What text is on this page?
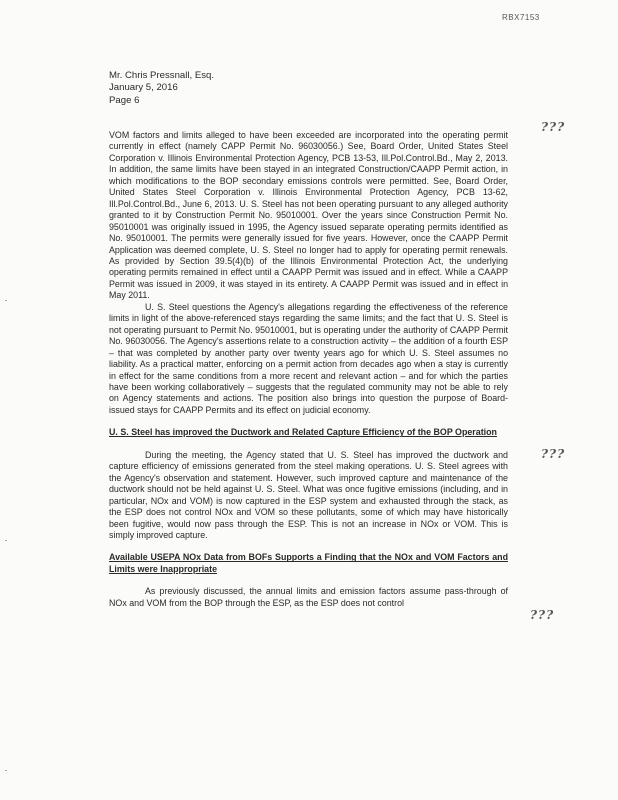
RBX7153
Mr. Chris Pressnall, Esq.
January 5, 2016
Page 6
???
???
???

VOM factors and limits alleged to have been exceeded are incorporated into the operating permit currently in effect (namely CAPP Permit No. 96030056.) See, Board Order, United States Steel Corporation v. Illinois Environmental Protection Agency, PCB 13-53, Ill.Pol.Control.Bd., May 2, 2013. In addition, the same limits have been stayed in an integrated Construction/CAAPP Permit action, in which modifications to the BOP secondary emissions controls were permitted. See, Board Order, United States Steel Corporation v. Illinois Environmental Protection Agency, PCB 13-62, Ill.Pol.Control.Bd., June 6, 2013. U. S. Steel has not been operating pursuant to any alleged authority granted to it by Construction Permit No. 95010001. Over the years since Construction Permit No. 95010001 was originally issued in 1995, the Agency issued separate operating permits identified as No. 95010001. The permits were generally issued for five years. However, once the CAAPP Permit Application was deemed complete, U. S. Steel no longer had to apply for operating permit renewals. As provided by Section 39.5(4)(b) of the Illinois Environmental Protection Act, the underlying operating permits remained in effect until a CAAPP Permit was issued and in effect. While a CAAPP Permit was issued in 2009, it was stayed in its entirety. A CAAPP Permit was issued and in effect in May 2011.

U. S. Steel questions the Agency's allegations regarding the effectiveness of the reference limits in light of the above-referenced stays regarding the same limits; and the fact that U. S. Steel is not operating pursuant to Permit No. 95010001, but is operating under the authority of CAAPP Permit No. 96030056. The Agency's assertions relate to a construction activity – the addition of a fourth ESP – that was completed by another party over twenty years ago for which U. S. Steel assumes no liability. As a practical matter, enforcing on a permit action from decades ago when a stay is currently in effect for the same conditions from a more recent and relevant action – and for which the parties have been working collaboratively – suggests that the regulated community may not be able to rely on Agency statements and actions. The position also brings into question the purpose of Board-issued stays for CAAPP Permits and its effect on judicial economy.

U. S. Steel has improved the Ductwork and Related Capture Efficiency of the BOP Operation

During the meeting, the Agency stated that U. S. Steel has improved the ductwork and capture efficiency of emissions generated from the steel making operations. U. S. Steel agrees with the Agency's observation and statement. However, such improved capture and maintenance of the ductwork should not be held against U. S. Steel. What was once fugitive emissions (including, and in particular, NOx and VOM) is now captured in the ESP system and exhausted through the stack, as the ESP does not control NOx and VOM so these pollutants, some of which may have historically been fugitive, would now pass through the ESP. This is not an increase in NOx or VOM. This is simply improved capture.

Available USEPA NOx Data from BOFs Supports a Finding that the NOx and VOM Factors and Limits were Inappropriate

As previously discussed, the annual limits and emission factors assume pass-through of NOx and VOM from the BOP through the ESP, as the ESP does not control
